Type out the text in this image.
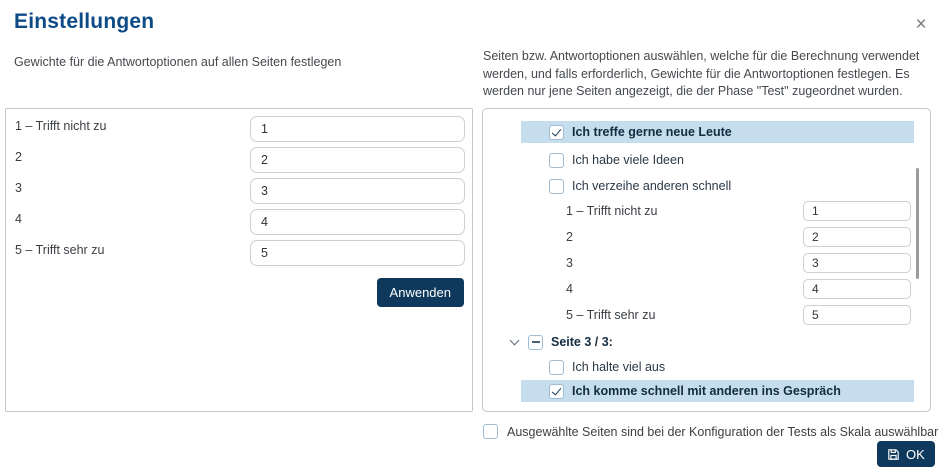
Einstellungen	×
Gewichte für die Antwortoptionen auf allen Seiten festlegen	Seiten bzw. Antwortoptionen auswählen, welche für die Berechnung verwendet werden, und falls erforderlich, Gewichte für die Antwortoptionen festlegen. Es werden nur jene Seiten angezeigt, die der Phase "Test" zugeordnet wurden.
1 – Trifft nicht zu
1
2
2
3
3
4
4
5 – Trifft sehr zu
5
Anwenden
Ich treffe gerne neue Leute
Ich habe viele Ideen
Ich verzeihe anderen schnell
1 – Trifft nicht zu
1
2
2
3
3
4
4
5 – Trifft sehr zu
5
Seite 3 / 3:
Ich halte viel aus
Ich komme schnell mit anderen ins Gespräch
Ausgewählte Seiten sind bei der Konfiguration der Tests als Skala auswählbar
OK
